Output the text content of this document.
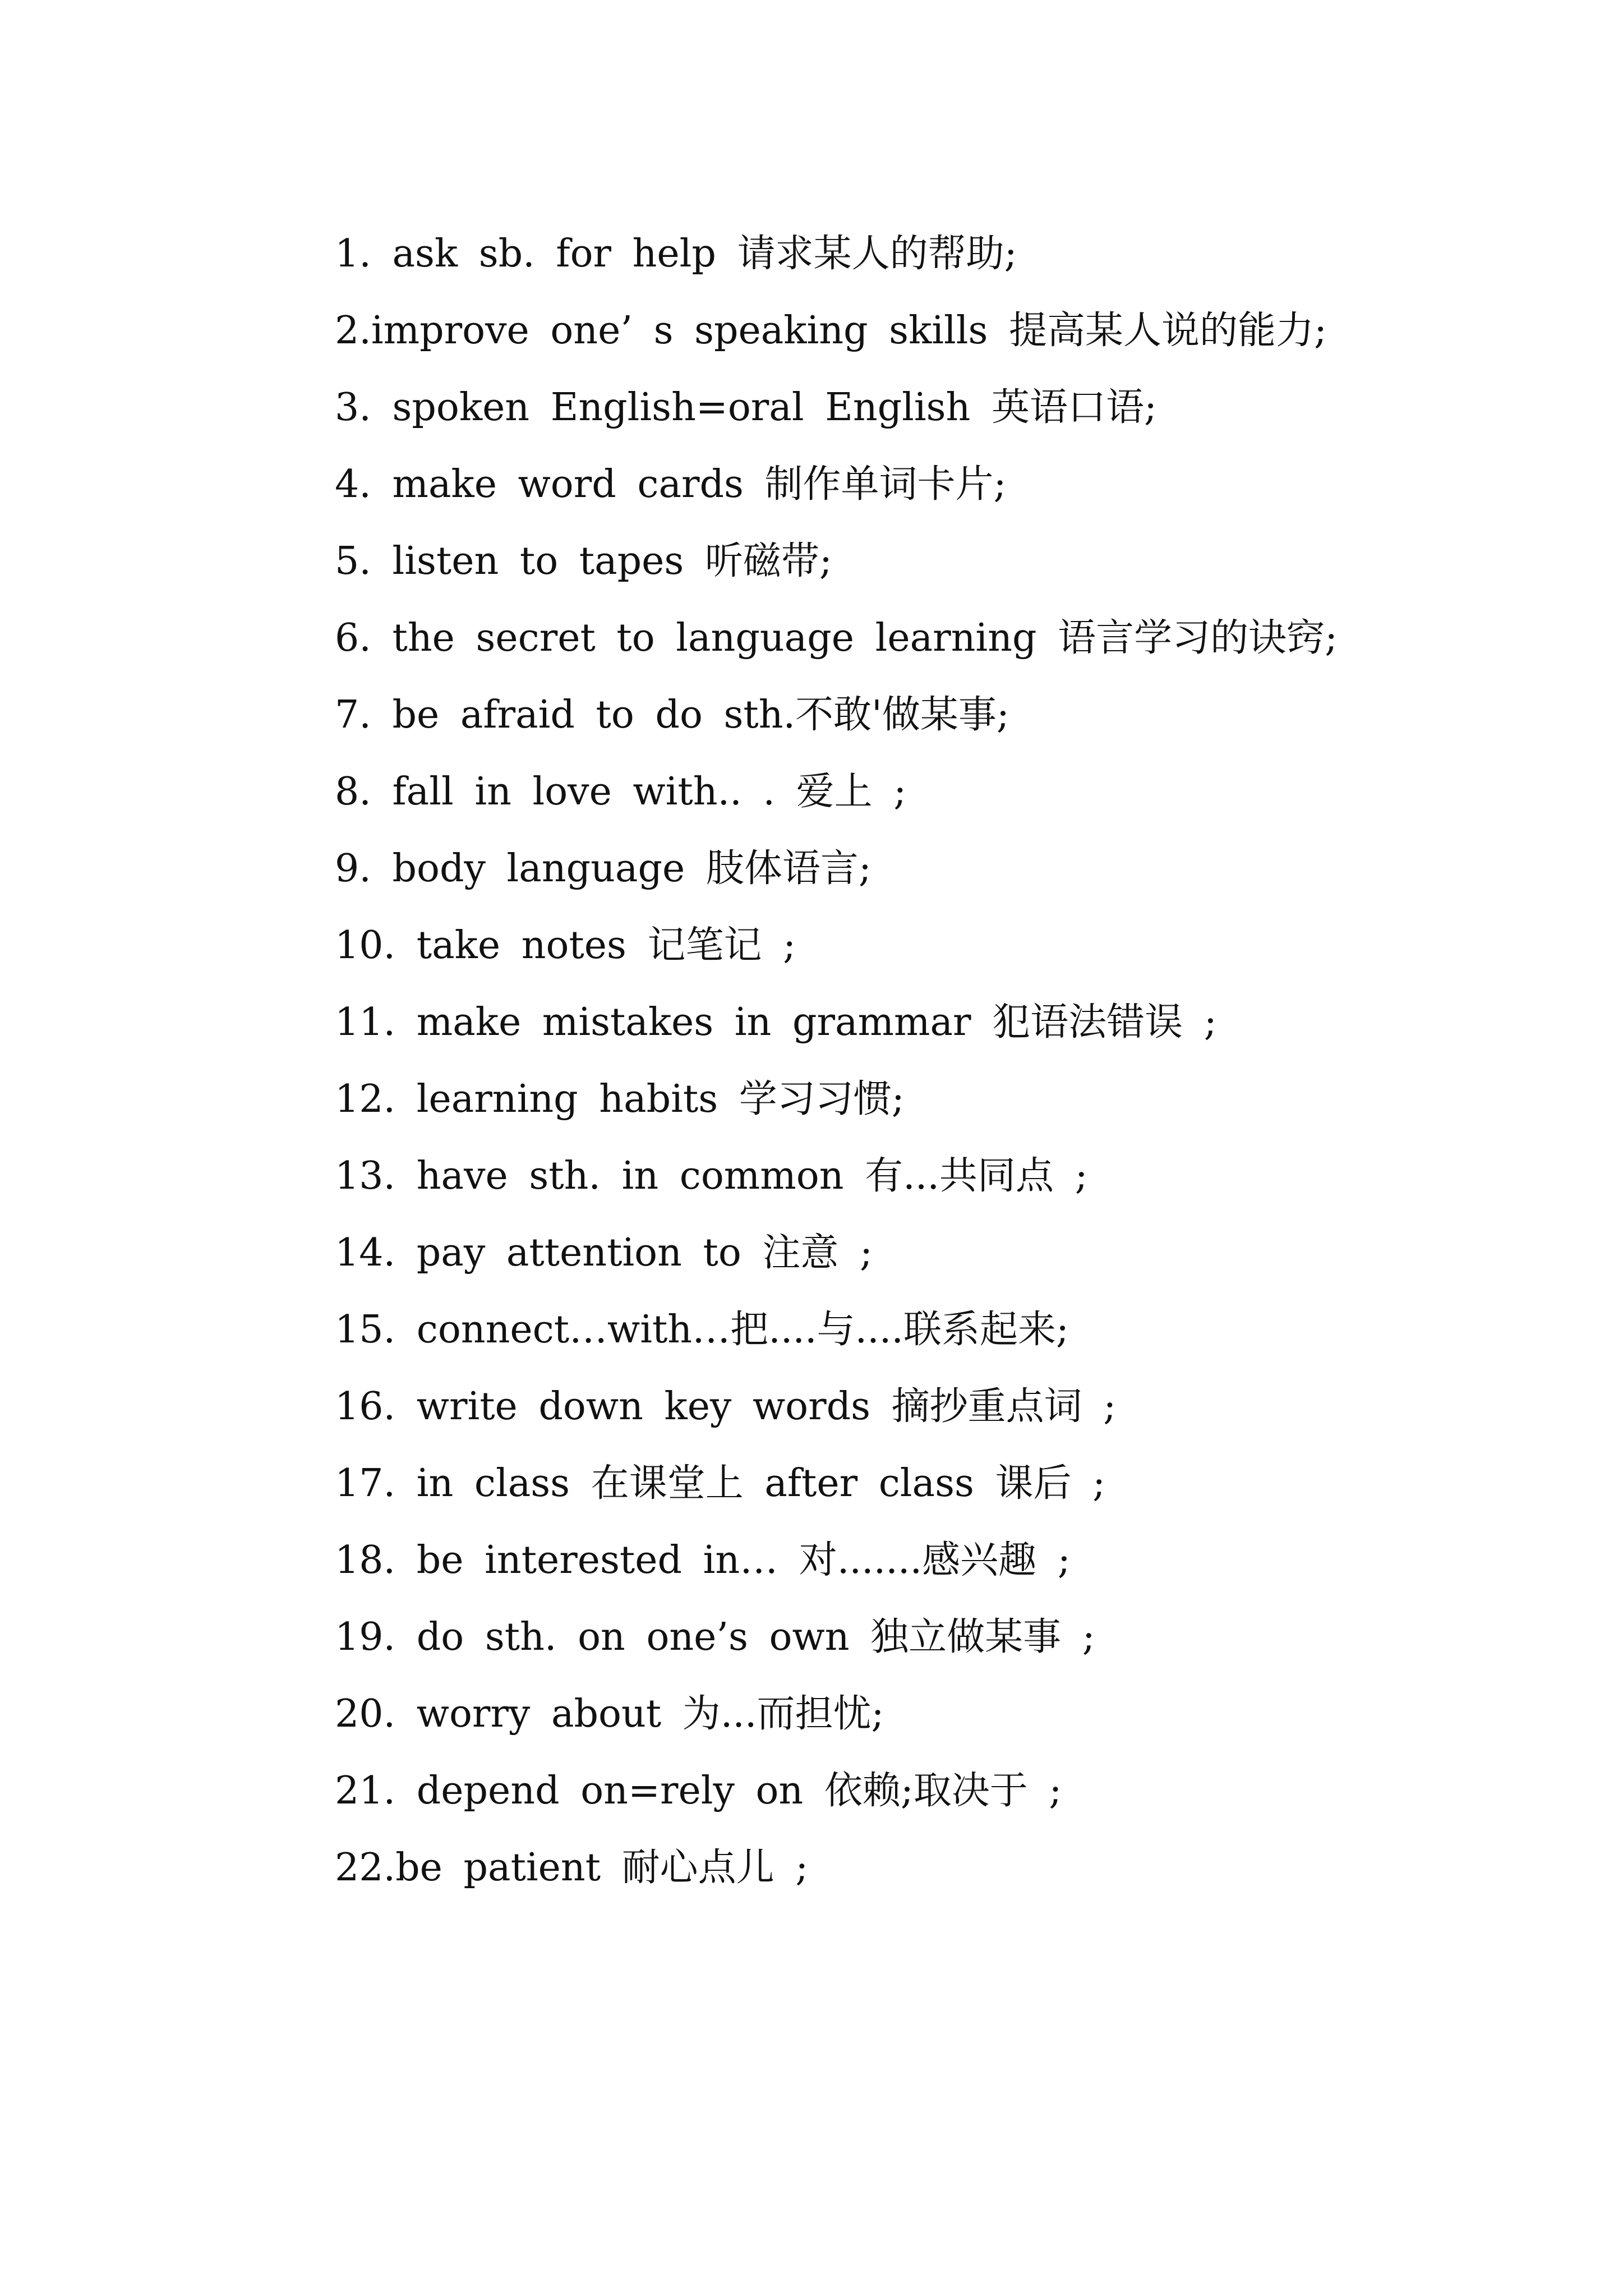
1. ask sb. for help 请求某人的帮助;

2.improve one’ s speaking skills 提高某人说的能力;

3. spoken English=oral English 英语口语;

4. make word cards 制作单词卡片;

5. listen to tapes 听磁带;

6. the secret to language learning 语言学习的诀窍;

7. be afraid to do sth.不敢'做某事;

8. fall in love with.. . 爱上 ;

9. body language 肢体语言;

10. take notes 记笔记 ;

11. make mistakes in grammar 犯语法错误 ;

12. learning habits 学习习惯;

13. have sth. in common 有...共同点 ;

14. pay attention to 注意 ;

15. connect…with…把....与....联系起来;

16. write down key words 摘抄重点词 ;

17. in class 在课堂上 after class 课后 ;

18. be interested in… 对.......感兴趣 ;

19. do sth. on one’s own 独立做某事 ;

20. worry about 为...而担忧;

21. depend on=rely on 依赖;取决于 ;

22.be patient 耐心点儿 ;
